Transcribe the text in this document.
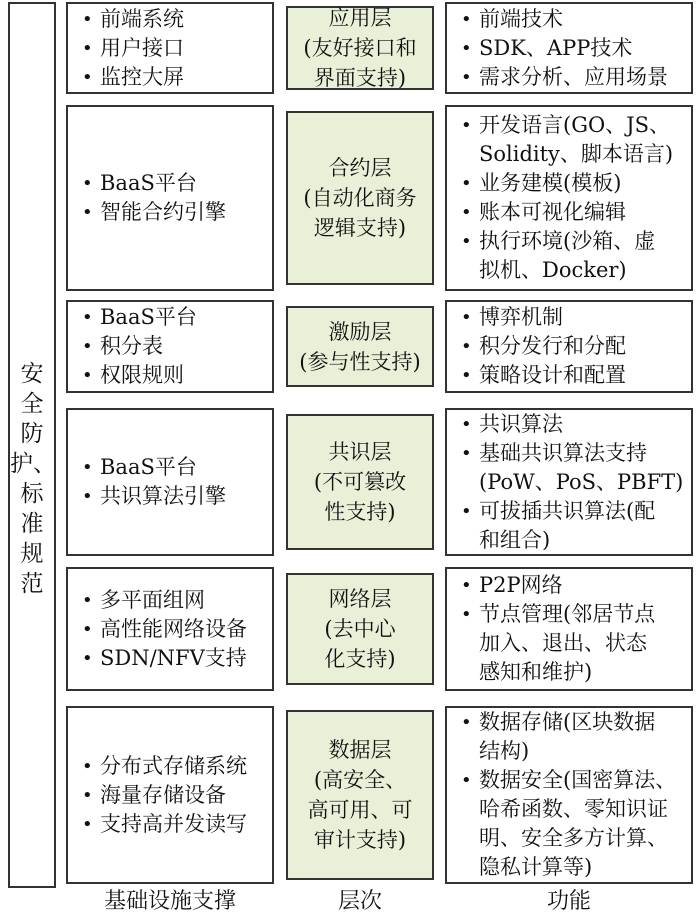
安全防护、
标准规范
• 前端系统
• 用户接口
• 监控大屏
应用层
(友好接口和
界面支持)
• 前端技术
• SDK、APP技术
• 需求分析、应用场景
• BaaS平台
• 智能合约引擎
合约层
(自动化商务
逻辑支持)
• 开发语言(GO、JS、
Solidity、脚本语言)
• 业务建模(模板)
• 账本可视化编辑
• 执行环境(沙箱、虚
拟机、Docker)
• BaaS平台
• 积分表
• 权限规则
激励层
(参与性支持)
• 博弈机制
• 积分发行和分配
• 策略设计和配置
• BaaS平台
• 共识算法引擎
共识层
(不可篡改
性支持)
• 共识算法
• 基础共识算法支持
(PoW、PoS、PBFT)
• 可拔插共识算法(配
和组合)
• 多平面组网
• 高性能网络设备
• SDN/NFV支持
网络层
(去中心
化支持)
• P2P网络
• 节点管理(邻居节点
加入、退出、状态
感知和维护)
• 分布式存储系统
• 海量存储设备
• 支持高并发读写
数据层
(高安全、
高可用、可
审计支持)
• 数据存储(区块数据
结构)
• 数据安全(国密算法、
哈希函数、零知识证
明、安全多方计算、
隐私计算等)
基础设施支撑	层次	功能
